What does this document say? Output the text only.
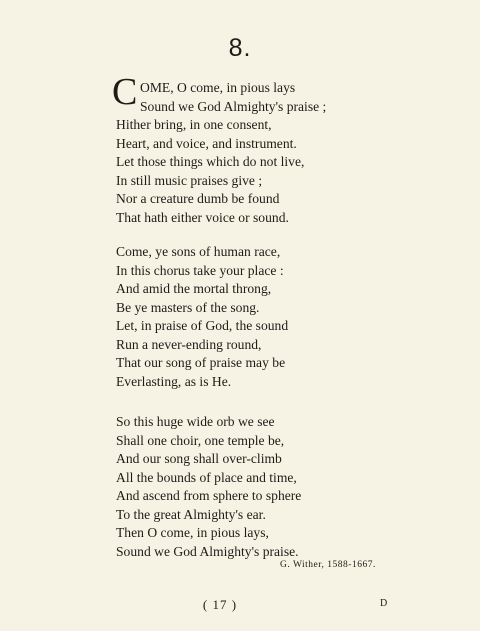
8.
C OME, O come, in pious lays
Sound we God Almighty's praise ;
Hither bring, in one consent,
Heart, and voice, and instrument.
Let those things which do not live,
In still music praises give ;
Nor a creature dumb be found
That hath either voice or sound.
Come, ye sons of human race,
In this chorus take your place :
And amid the mortal throng,
Be ye masters of the song.
Let, in praise of God, the sound
Run a never-ending round,
That our song of praise may be
Everlasting, as is He.
So this huge wide orb we see
Shall one choir, one temple be,
And our song shall over-climb
All the bounds of place and time,
And ascend from sphere to sphere
To the great Almighty's ear.
Then O come, in pious lays,
Sound we God Almighty's praise.
G. Wither, 1588-1667.
( 17 )	D
